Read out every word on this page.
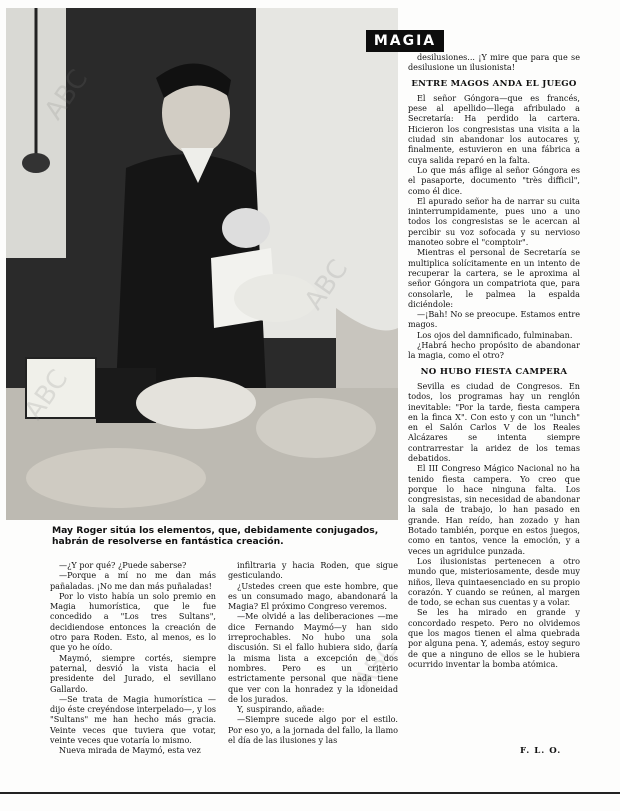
MAGIA
May Roger sitúa los elementos, que, debidamente conjugados, habrán de resolverse en fantástica creación.

—¿Y por qué? ¿Puede saberse?

—Porque a mí no me dan más pañaladas. ¡No me dan más puñaladas!

Por lo visto había un solo premio en Magia humorística, que le fue concedido a "Los tres Sultans", decidiendose entonces la creación de otro para Roden. Esto, al menos, es lo que yo he oído.

Maymó, siempre cortés, siempre paternal, desvió la vista hacia el presidente del Jurado, el sevillano Gallardo.

—Se trata de Magia humorística —dijo éste creyéndose interpelado—, y los "Sultans" me han hecho más gracia. Veinte veces que tuviera que votar, veinte veces que votaría lo mismo.

Nueva mirada de Maymó, esta vez

infiltraria y hacia Roden, que sigue gesticulando.

¿Ustedes creen que este hombre, que es un consumado mago, abandonará la Magia? El próximo Congreso veremos.

—Me olvidé a las deliberaciones —me dice Fernando Maymó—y han sido irreprochables. No hubo una sola discusión. Si el fallo hubiera sido, daría la misma lista a excepción de dos nombres. Pero es un criterio estrictamente personal que nada tiene que ver con la honradez y la idoneidad de los jurados.

Y, suspirando, añade:

—Siempre sucede algo por el estilo. Por eso yo, a la jornada del fallo, la llamo el día de las ilusiones y las

desilusiones... ¡Y mire que para que se desilusione un ilusionista!

ENTRE MAGOS ANDA EL JUEGO

El señor Góngora—que es francés, pese al apellido—llega afribulado a Secretaría: Ha perdido la cartera. Hicieron los congresistas una visita a la ciudad sin abandonar los autocares y, finalmente, estuvieron en una fábrica a cuya salida reparó en la falta.

Lo que más aflige al señor Góngora es el pasaporte, documento "très difficil", como él dice.

El apurado señor ha de narrar su cuita ininterrumpidamente, pues uno a uno todos los congresistas se le acercan al percibir su voz sofocada y su nervioso manoteo sobre el "comptoir".

Mientras el personal de Secretaría se multiplica solícitamente en un intento de recuperar la cartera, se le aproxima al señor Góngora un compatriota que, para consolarle, le palmea la espalda diciéndole:

—¡Bah! No se preocupe. Estamos entre magos.

Los ojos del damnificado, fulminaban.

¿Habrá hecho propósito de abandonar la magia, como el otro?

NO HUBO FIESTA CAMPERA

Sevilla es ciudad de Congresos. En todos, los programas hay un renglón inevitable: "Por la tarde, fiesta campera en la finca X". Con esto y con un "lunch" en el Salón Carlos V de los Reales Alcázares se intenta siempre contrarrestar la aridez de los temas debatidos.

El III Congreso Mágico Nacional no ha tenido fiesta campera. Yo creo que porque lo hace ninguna falta. Los congresistas, sin necesidad de abandonar la sala de trabajo, lo han pasado en grande. Han reído, han zozado y han Botado también, porque en estos juegos, como en tantos, vence la emoción, y a veces un agridulce punzada.

Los ilusionistas pertenecen a otro mundo que, misteriosamente, desde muy niños, lleva quintaesenciado en su propio corazón. Y cuando se reúnen, al margen de todo, se echan sus cuentas y a volar.

Se les ha mirado en grande y concordado respeto. Pero no olvidemos que los magos tienen el alma quebrada por alguna pena. Y, además, estoy seguro de que a ninguno de ellos se le hubiera ocurrido inventar la bomba atómica.

F. L. O.
ABC
